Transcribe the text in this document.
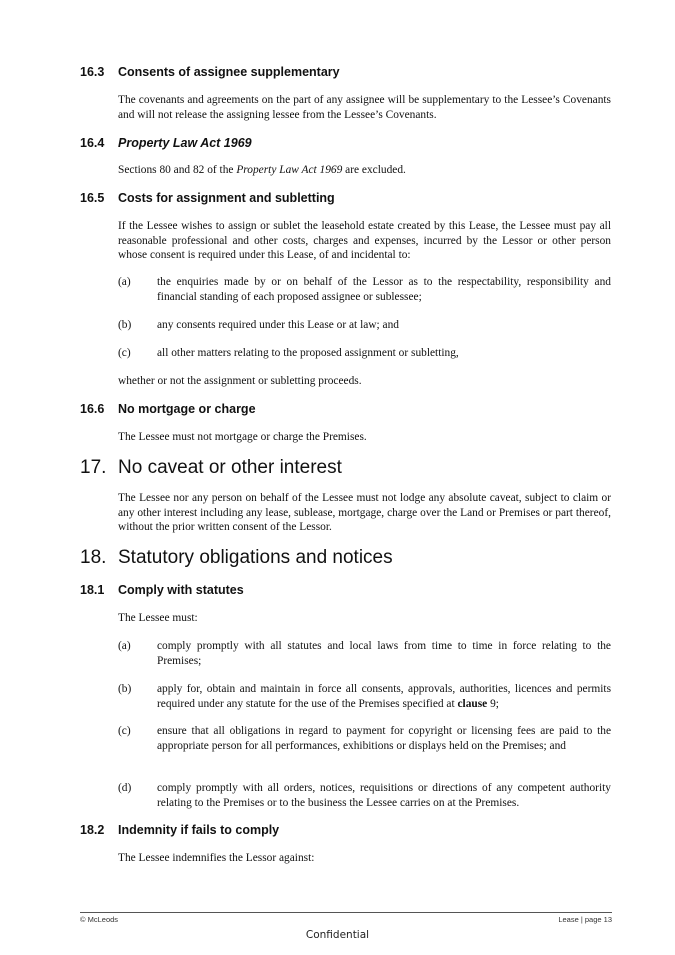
16.3 Consents of assignee supplementary

The covenants and agreements on the part of any assignee will be supplementary to the Lessee’s Covenants and will not release the assigning lessee from the Lessee’s Covenants.

16.4 Property Law Act 1969

Sections 80 and 82 of the Property Law Act 1969 are excluded.

16.5 Costs for assignment and subletting

If the Lessee wishes to assign or sublet the leasehold estate created by this Lease, the Lessee must pay all reasonable professional and other costs, charges and expenses, incurred by the Lessor or other person whose consent is required under this Lease, of and incidental to:

(a) the enquiries made by or on behalf of the Lessor as to the respectability, responsibility and financial standing of each proposed assignee or sublessee;
(b) any consents required under this Lease or at law; and
(c) all other matters relating to the proposed assignment or subletting,

whether or not the assignment or subletting proceeds.

16.6 No mortgage or charge

The Lessee must not mortgage or charge the Premises.

17. No caveat or other interest

The Lessee nor any person on behalf of the Lessee must not lodge any absolute caveat, subject to claim or any other interest including any lease, sublease, mortgage, charge over the Land or Premises or part thereof, without the prior written consent of the Lessor.

18. Statutory obligations and notices
18.1 Comply with statutes

The Lessee must:

(a) comply promptly with all statutes and local laws from time to time in force relating to the Premises;
(b) apply for, obtain and maintain in force all consents, approvals, authorities, licences and permits required under any statute for the use of the Premises specified at clause 9;
(c) ensure that all obligations in regard to payment for copyright or licensing fees are paid to the appropriate person for all performances, exhibitions or displays held on the Premises; and
(d) comply promptly with all orders, notices, requisitions or directions of any competent authority relating to the Premises or to the business the Lessee carries on at the Premises.
18.2 Indemnity if fails to comply

The Lessee indemnifies the Lessor against:

© McLeods	Lease | page 13
Confidential
